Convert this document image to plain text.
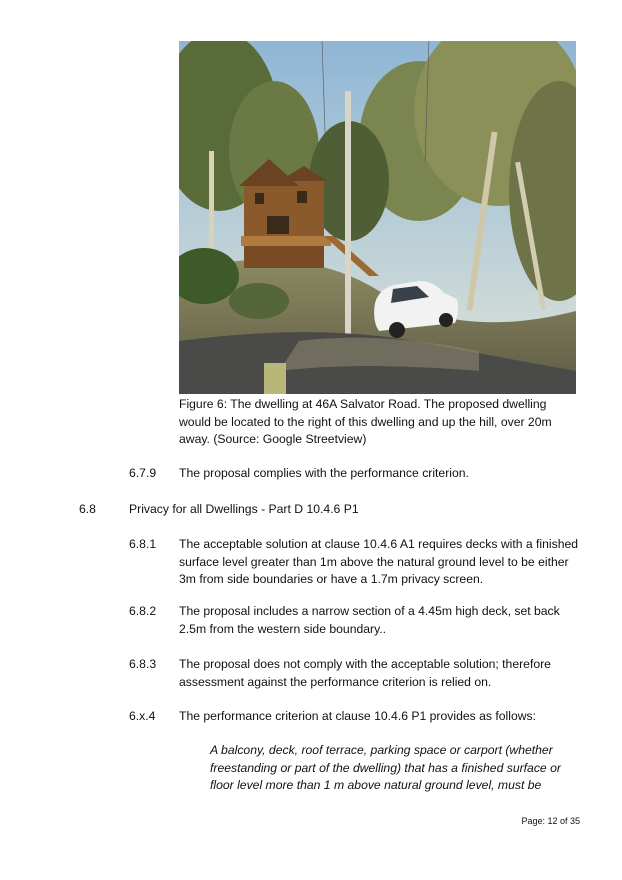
Figure 6: The dwelling at 46A Salvator Road. The proposed dwelling would be located to the right of this dwelling and up the hill, over 20m away. (Source: Google Streetview)
6.7.9 The proposal complies with the performance criterion.
6.8	Privacy for all Dwellings - Part D 10.4.6 P1
6.8.1 The acceptable solution at clause 10.4.6 A1 requires decks with a finished surface level greater than 1m above the natural ground level to be either 3m from side boundaries or have a 1.7m privacy screen.
6.8.2 The proposal includes a narrow section of a 4.45m high deck, set back 2.5m from the western side boundary..
6.8.3 The proposal does not comply with the acceptable solution; therefore assessment against the performance criterion is relied on.
6.x.4 The performance criterion at clause 10.4.6 P1 provides as follows:
A balcony, deck, roof terrace, parking space or carport (whether freestanding or part of the dwelling) that has a finished surface or floor level more than 1 m above natural ground level, must be
Page: 12 of 35
